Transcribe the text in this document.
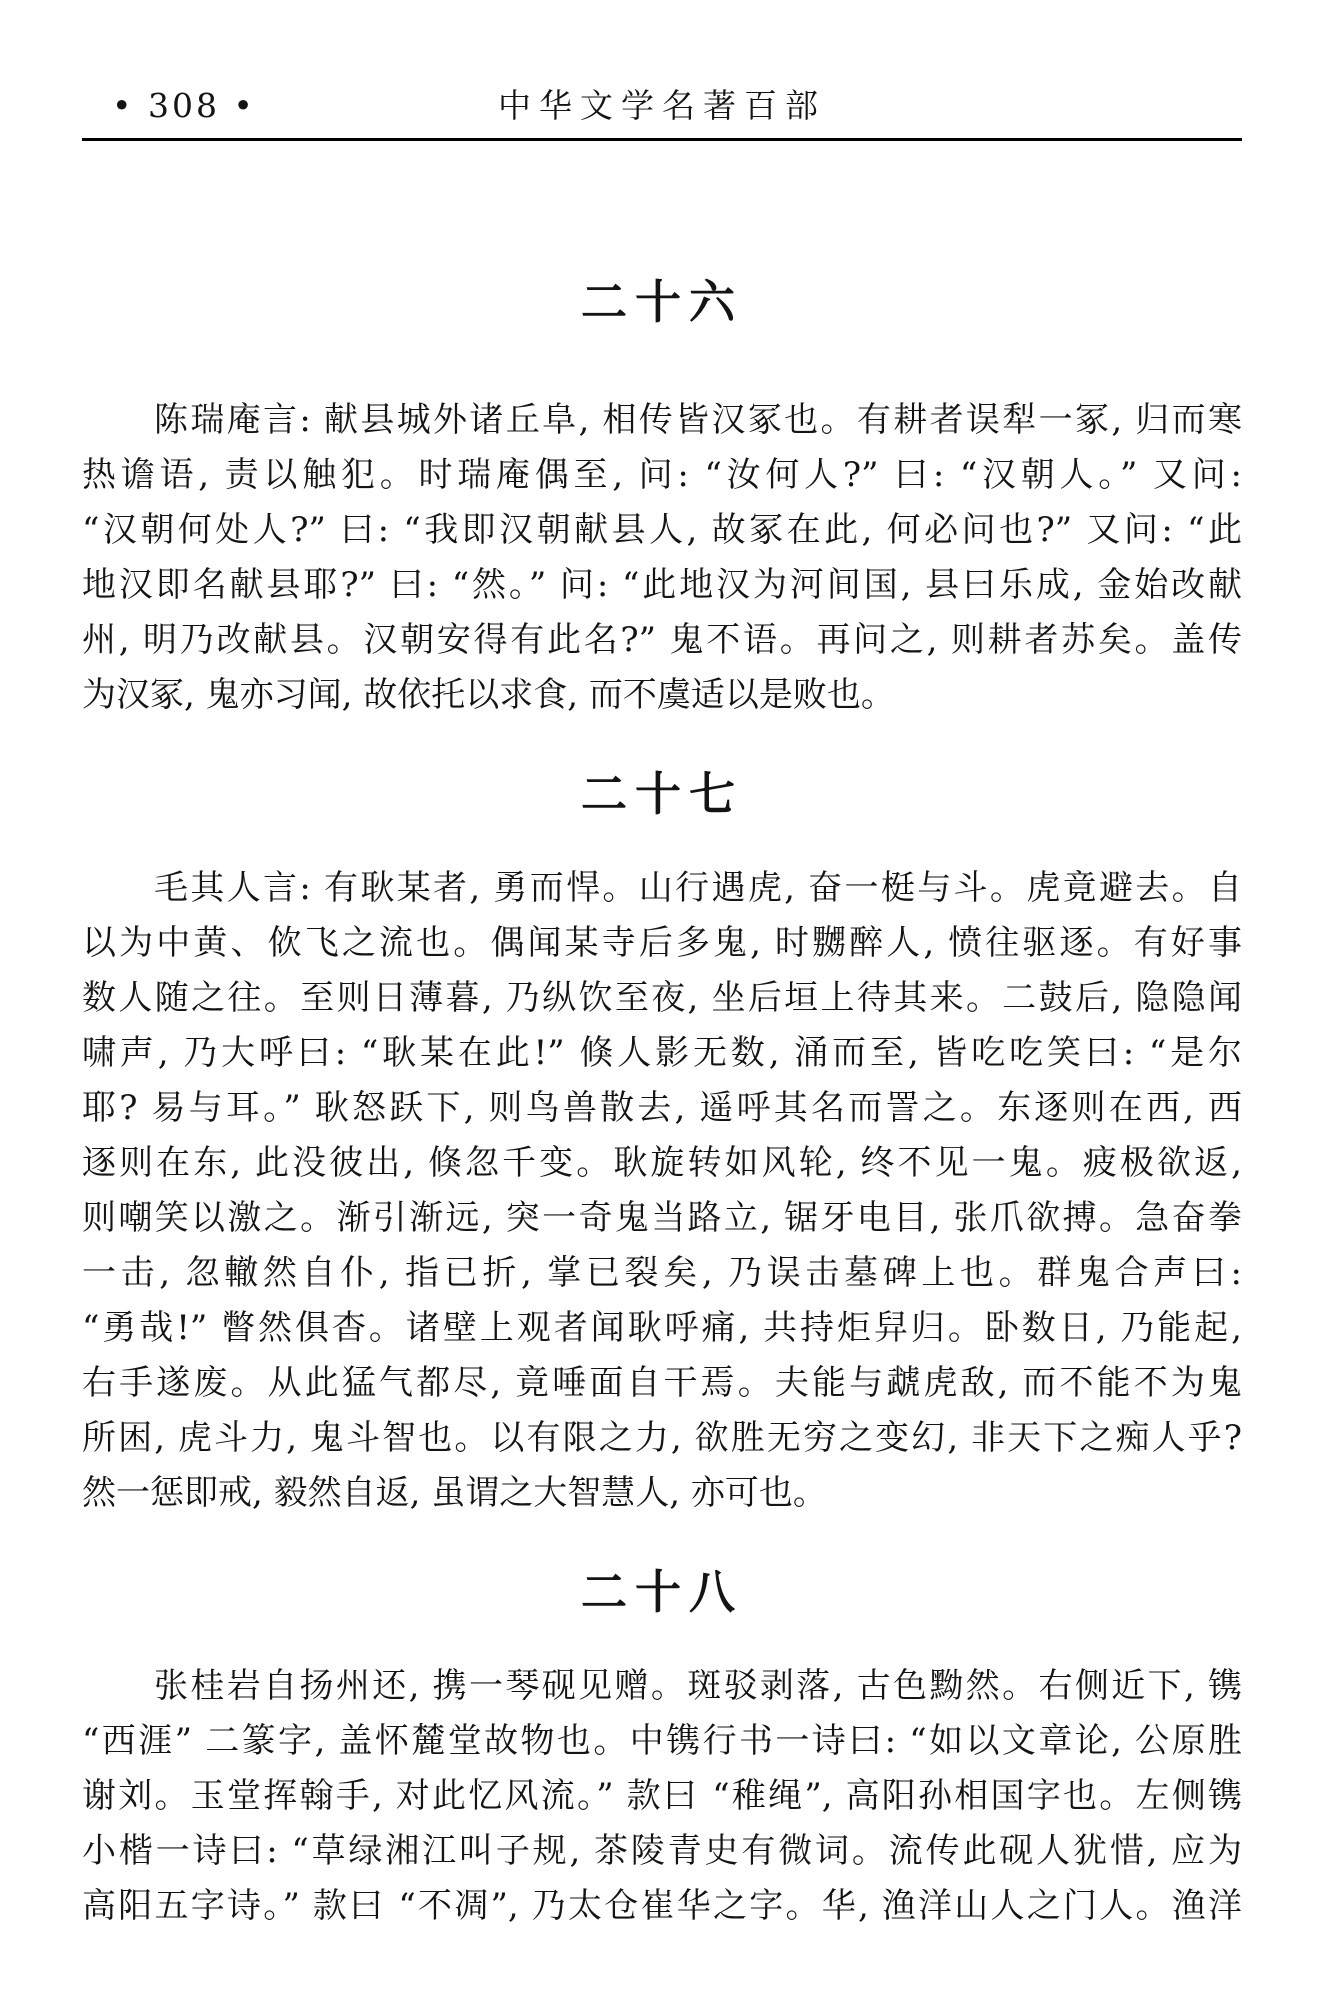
• 308 •	中华文学名著百部
二十六
陈瑞庵言: 献县城外诸丘阜, 相传皆汉冢也。有耕者误犁一冢, 归而寒
热谵语, 责以触犯。时瑞庵偶至, 问: “汝何人?” 曰: “汉朝人。” 又问:
“汉朝何处人?” 曰: “我即汉朝献县人, 故冢在此, 何必问也?” 又问: “此
地汉即名献县耶?” 曰: “然。” 问: “此地汉为河间国, 县曰乐成, 金始改献
州, 明乃改献县。汉朝安得有此名?” 鬼不语。再问之, 则耕者苏矣。盖传
为汉冢, 鬼亦习闻, 故依托以求食, 而不虞适以是败也。
二十七
毛其人言: 有耿某者, 勇而悍。山行遇虎, 奋一梃与斗。虎竟避去。自
以为中黄、佽飞之流也。偶闻某寺后多鬼, 时嬲醉人, 愤往驱逐。有好事
数人随之往。至则日薄暮, 乃纵饮至夜, 坐后垣上待其来。二鼓后, 隐隐闻
啸声, 乃大呼曰: “耿某在此!” 倏人影无数, 涌而至, 皆吃吃笑曰: “是尔
耶? 易与耳。” 耿怒跃下, 则鸟兽散去, 遥呼其名而詈之。东逐则在西, 西
逐则在东, 此没彼出, 倏忽千变。耿旋转如风轮, 终不见一鬼。疲极欲返,
则嘲笑以激之。渐引渐远, 突一奇鬼当路立, 锯牙电目, 张爪欲搏。急奋拳
一击, 忽轍然自仆, 指已折, 掌已裂矣, 乃误击墓碑上也。群鬼合声曰:
“勇哉!” 瞥然俱杳。诸壁上观者闻耿呼痛, 共持炬舁归。卧数日, 乃能起,
右手遂废。从此猛气都尽, 竟唾面自干焉。夫能与虣虎敌, 而不能不为鬼
所困, 虎斗力, 鬼斗智也。以有限之力, 欲胜无穷之变幻, 非天下之痴人乎?
然一惩即戒, 毅然自返, 虽谓之大智慧人, 亦可也。
二十八
张桂岩自扬州还, 携一琴砚见赠。斑驳剥落, 古色黝然。右侧近下, 镌
“西涯” 二篆字, 盖怀麓堂故物也。中镌行书一诗曰: “如以文章论, 公原胜
谢刘。玉堂挥翰手, 对此忆风流。” 款曰 “稚绳”, 高阳孙相国字也。左侧镌
小楷一诗曰: “草绿湘江叫子规, 茶陵青史有微词。流传此砚人犹惜, 应为
高阳五字诗。” 款曰 “不凋”, 乃太仓崔华之字。华, 渔洋山人之门人。渔洋
